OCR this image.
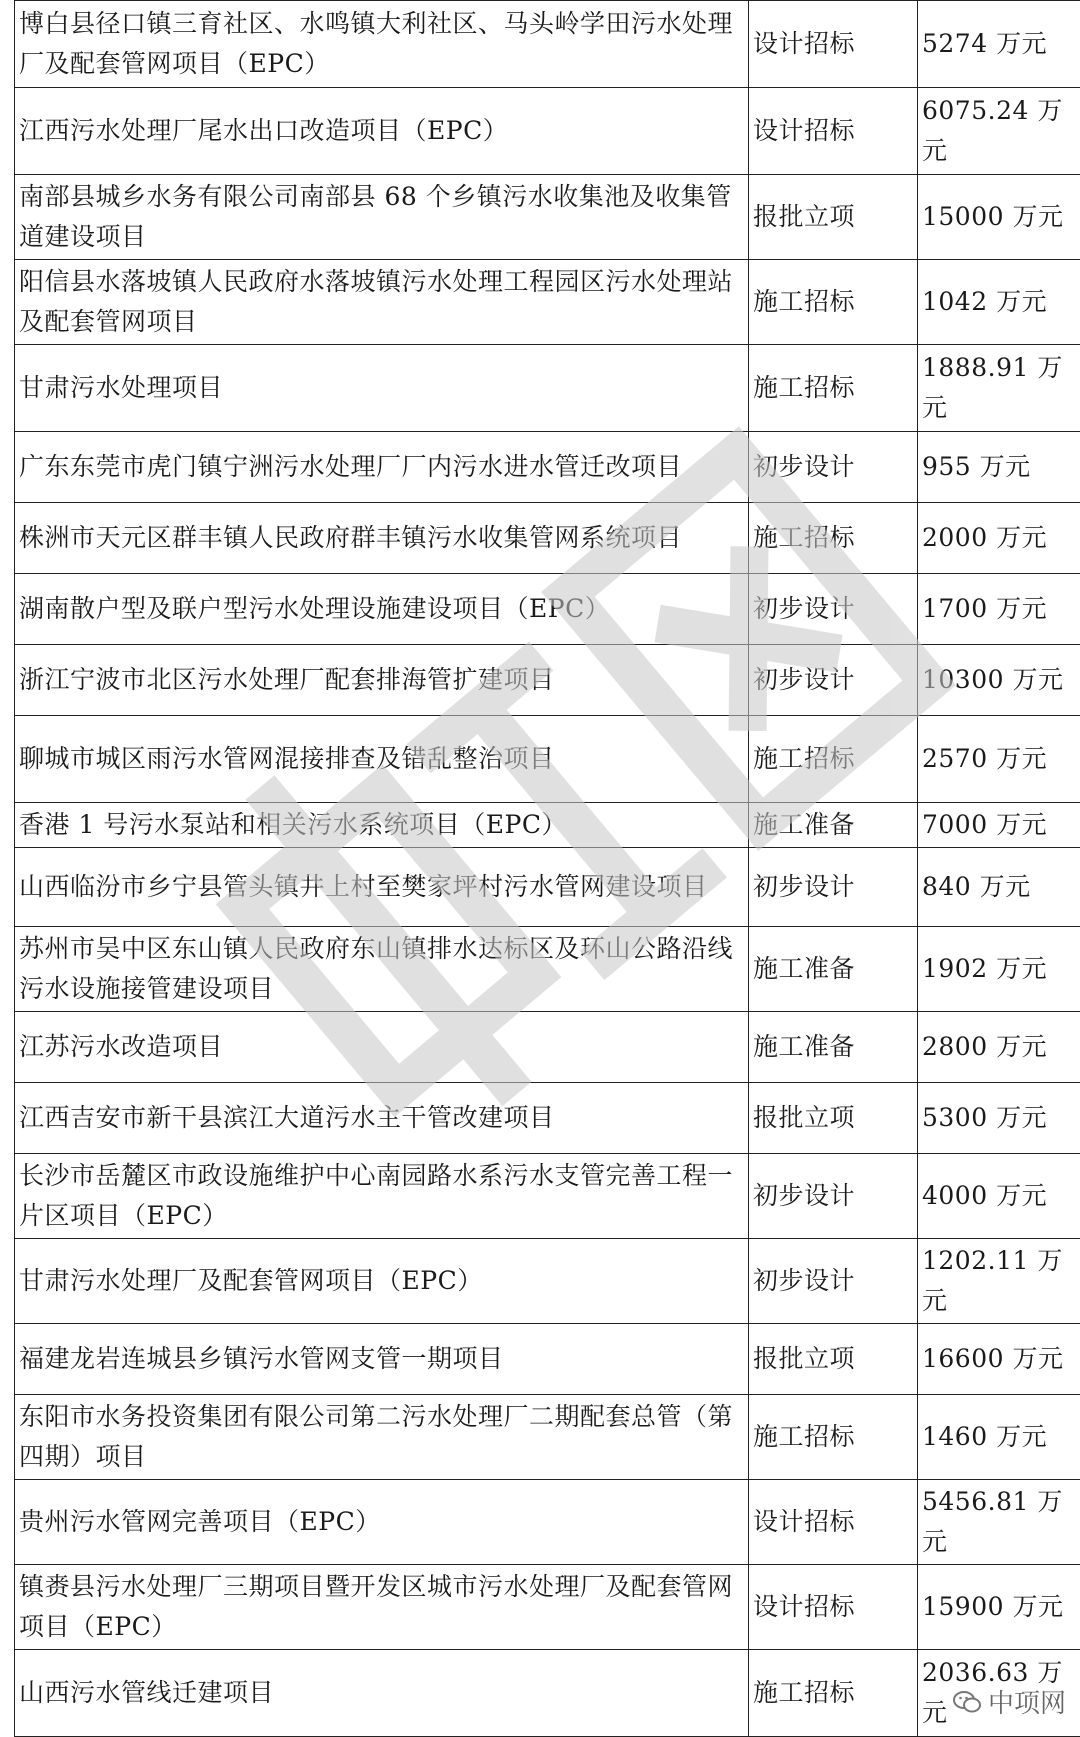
博白县径口镇三育社区、水鸣镇大利社区、马头岭学田污水处理厂及配套管网项目（EPC）	设计招标	5274 万元
江西污水处理厂尾水出口改造项目（EPC）	设计招标	6075.24 万元
南部县城乡水务有限公司南部县 68 个乡镇污水收集池及收集管道建设项目	报批立项	15000 万元
阳信县水落坡镇人民政府水落坡镇污水处理工程园区污水处理站及配套管网项目	施工招标	1042 万元
甘肃污水处理项目	施工招标	1888.91 万元
广东东莞市虎门镇宁洲污水处理厂厂内污水进水管迁改项目	初步设计	955 万元
株洲市天元区群丰镇人民政府群丰镇污水收集管网系统项目	施工招标	2000 万元
湖南散户型及联户型污水处理设施建设项目（EPC）	初步设计	1700 万元
浙江宁波市北区污水处理厂配套排海管扩建项目	初步设计	10300 万元
聊城市城区雨污水管网混接排查及错乱整治项目	施工招标	2570 万元
香港 1 号污水泵站和相关污水系统项目（EPC）	施工准备	7000 万元
山西临汾市乡宁县管头镇井上村至樊家坪村污水管网建设项目	初步设计	840 万元
苏州市吴中区东山镇人民政府东山镇排水达标区及环山公路沿线污水设施接管建设项目	施工准备	1902 万元
江苏污水改造项目	施工准备	2800 万元
江西吉安市新干县滨江大道污水主干管改建项目	报批立项	5300 万元
长沙市岳麓区市政设施维护中心南园路水系污水支管完善工程一片区项目（EPC）	初步设计	4000 万元
甘肃污水处理厂及配套管网项目（EPC）	初步设计	1202.11 万元
福建龙岩连城县乡镇污水管网支管一期项目	报批立项	16600 万元
东阳市水务投资集团有限公司第二污水处理厂二期配套总管（第四期）项目	施工招标	1460 万元
贵州污水管网完善项目（EPC）	设计招标	5456.81 万元
镇赉县污水处理厂三期项目暨开发区城市污水处理厂及配套管网项目（EPC）	设计招标	15900 万元
山西污水管线迁建项目	施工招标	2036.63 万元 中项网
